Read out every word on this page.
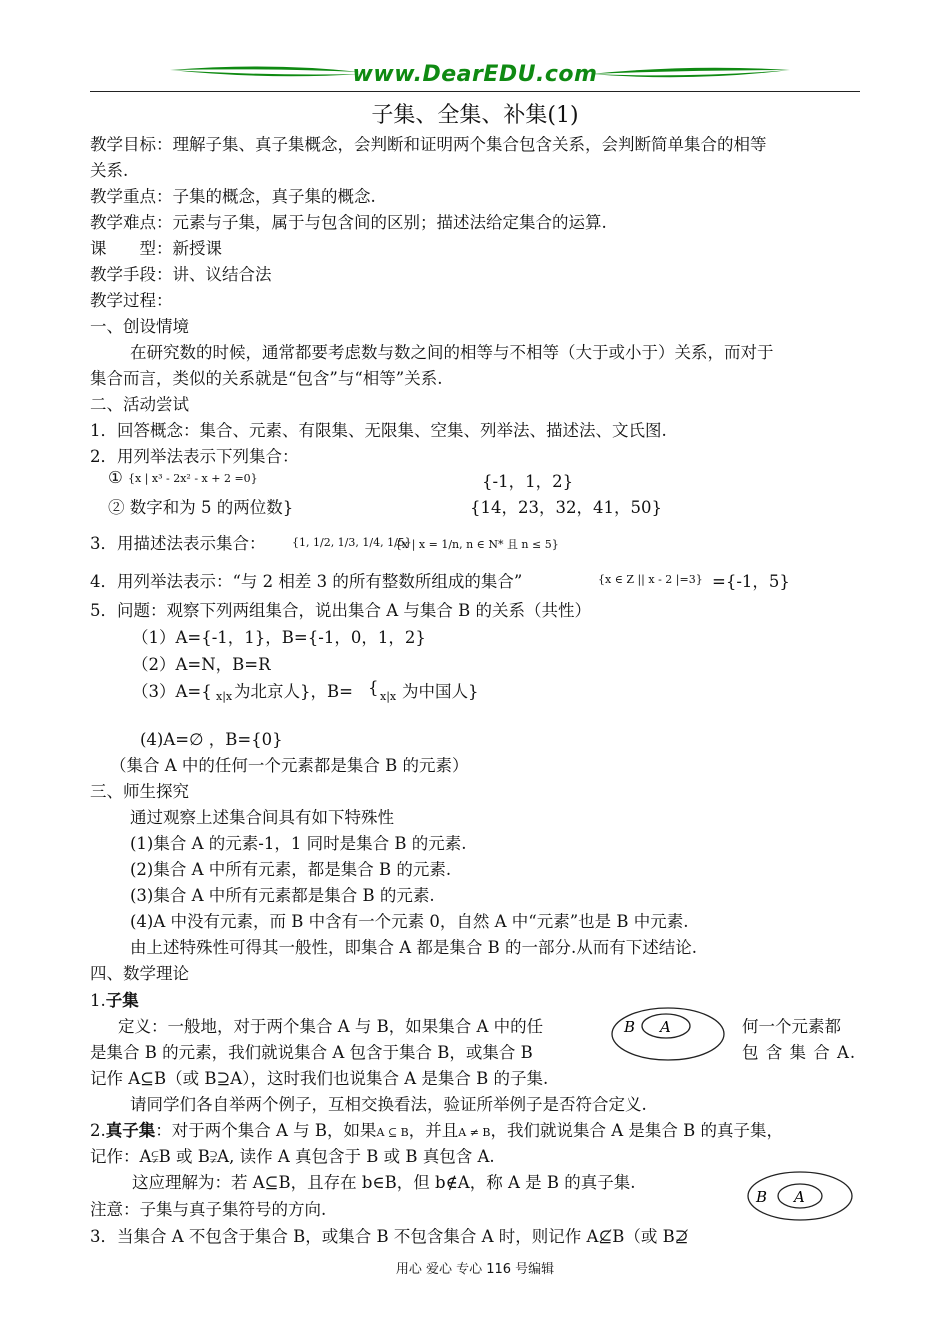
www.DearEDU.com
子集、全集、补集(1)
教学目标：理解子集、真子集概念，会判断和证明两个集合包含关系，会判断简单集合的相等
关系.
教学重点：子集的概念，真子集的概念.
教学难点：元素与子集，属于与包含间的区别；描述法给定集合的运算.
课　　型：新授课
教学手段：讲、议结合法
教学过程：
一、创设情境
在研究数的时候，通常都要考虑数与数之间的相等与不相等（大于或小于）关系，而对于
集合而言，类似的关系就是“包含”与“相等”关系.
二、活动尝试
1．回答概念：集合、元素、有限集、无限集、空集、列举法、描述法、文氏图.
2．用列举法表示下列集合：
① {x | x³ - 2x² - x + 2 =0}	{-1，1，2}
② 数字和为 5 的两位数}	{14，23，32，41，50}
3．用描述法表示集合： {1, 1/2, 1/3, 1/4, 1/5}
{x | x = 1/n, n ∈ N* 且 n ≤ 5}
4．用列举法表示：“与 2 相差 3 的所有整数所组成的集合”	{x ∈ Z || x - 2 |=3} ={-1，5}
5．问题：观察下列两组集合，说出集合 A 与集合 B 的关系（共性）
（1）A={-1，1}，B={-1，0，1，2}
（2）A=N，B=R
（3）A={ x|x 为北京人}，B= { x|x 为中国人}
(4)A=∅ ，B={0}
（集合 A 中的任何一个元素都是集合 B 的元素）
三、师生探究
通过观察上述集合间具有如下特殊性
(1)集合 A 的元素-1，1 同时是集合 B 的元素.
(2)集合 A 中所有元素，都是集合 B 的元素.
(3)集合 A 中所有元素都是集合 B 的元素.
(4)A 中没有元素，而 B 中含有一个元素 0，自然 A 中“元素”也是 B 中元素.
由上述特殊性可得其一般性，即集合 A 都是集合 B 的一部分.从而有下述结论.
四、数学理论
1.子集
定义：一般地，对于两个集合 A 与 B，如果集合 A 中的任	何一个元素都
是集合 B 的元素，我们就说集合 A 包含于集合 B，或集合 B	包 含 集 合 A.
记作 A⊆B（或 B⊇A），这时我们也说集合 A 是集合 B 的子集.
B A
请同学们各自举两个例子，互相交换看法，验证所举例子是否符合定义.
2.真子集：对于两个集合 A 与 B，如果A ⊆ B，并且A ≠ B，我们就说集合 A 是集合 B 的真子集，
记作：A⫋B 或 B⫌A, 读作 A 真包含于 B 或 B 真包含 A.
这应理解为：若 A⊆B，且存在 b∈B，但 b∉A，称 A 是 B 的真子集.
B A
注意：子集与真子集符号的方向.
3．当集合 A 不包含于集合 B，或集合 B 不包含集合 A 时，则记作 A⊈B（或 B⊉
用心 爱心 专心 116 号编辑
